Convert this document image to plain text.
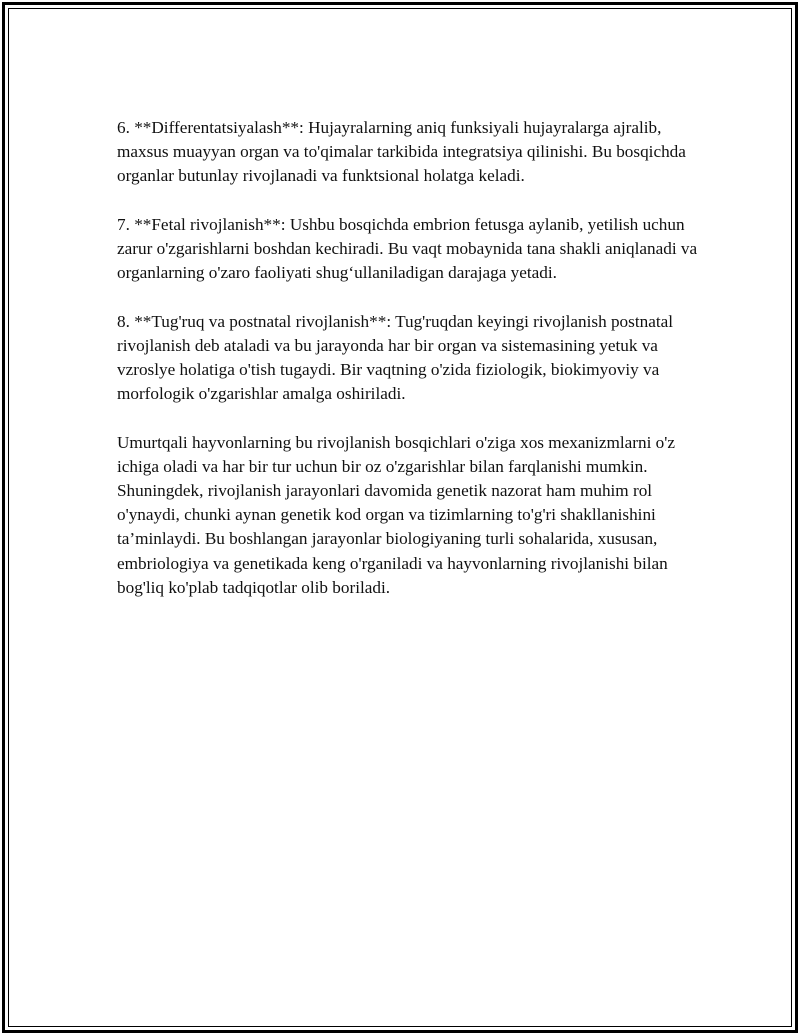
6. **Differentatsiyalash**: Hujayralarning aniq funksiyali hujayralarga ajralib, maxsus muayyan organ va to'qimalar tarkibida integratsiya qilinishi. Bu bosqichda organlar butunlay rivojlanadi va funktsional holatga keladi.

7. **Fetal rivojlanish**: Ushbu bosqichda embrion fetusga aylanib, yetilish uchun zarur o'zgarishlarni boshdan kechiradi. Bu vaqt mobaynida tana shakli aniqlanadi va organlarning o'zaro faoliyati shug‘ullaniladigan darajaga yetadi.

8. **Tug'ruq va postnatal rivojlanish**: Tug'ruqdan keyingi rivojlanish postnatal rivojlanish deb ataladi va bu jarayonda har bir organ va sistemasining yetuk va vzroslye holatiga o'tish tugaydi. Bir vaqtning o'zida fiziologik, biokimyoviy va morfologik o'zgarishlar amalga oshiriladi.

Umurtqali hayvonlarning bu rivojlanish bosqichlari o'ziga xos mexanizmlarni o'z ichiga oladi va har bir tur uchun bir oz o'zgarishlar bilan farqlanishi mumkin. Shuningdek, rivojlanish jarayonlari davomida genetik nazorat ham muhim rol o'ynaydi, chunki aynan genetik kod organ va tizimlarning to'g'ri shakllanishini ta’minlaydi. Bu boshlangan jarayonlar biologiyaning turli sohalarida, xususan, embriologiya va genetikada keng o'rganiladi va hayvonlarning rivojlanishi bilan bog'liq ko'plab tadqiqotlar olib boriladi.
